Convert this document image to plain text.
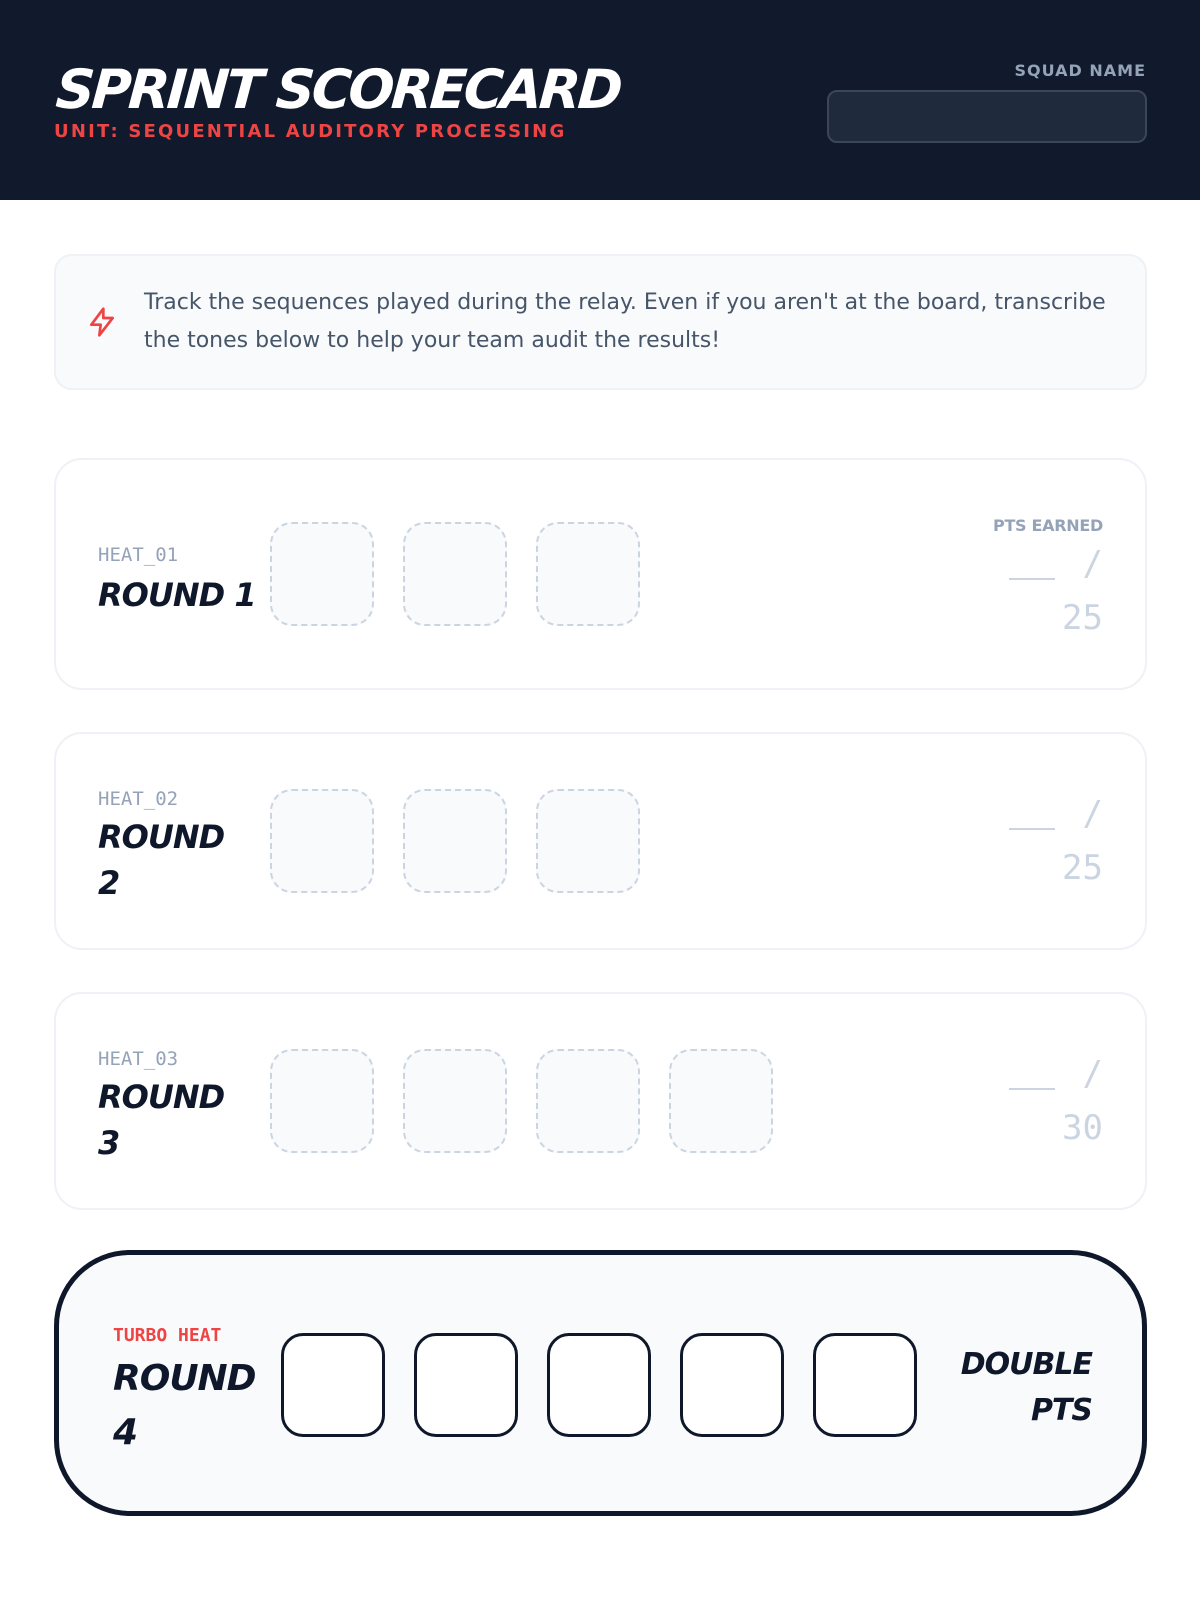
SPRINT SCORECARD
UNIT: SEQUENTIAL AUDITORY PROCESSING
SQUAD NAME
Track the sequences played during the relay. Even if you aren't at the board, transcribe the tones below to help your team audit the results!
HEAT_01
ROUND 1
PTS EARNED
/
25
HEAT_02
ROUND 2
/
25
HEAT_03
ROUND 3
/
30
TURBO HEAT
ROUND 4
DOUBLE PTS
